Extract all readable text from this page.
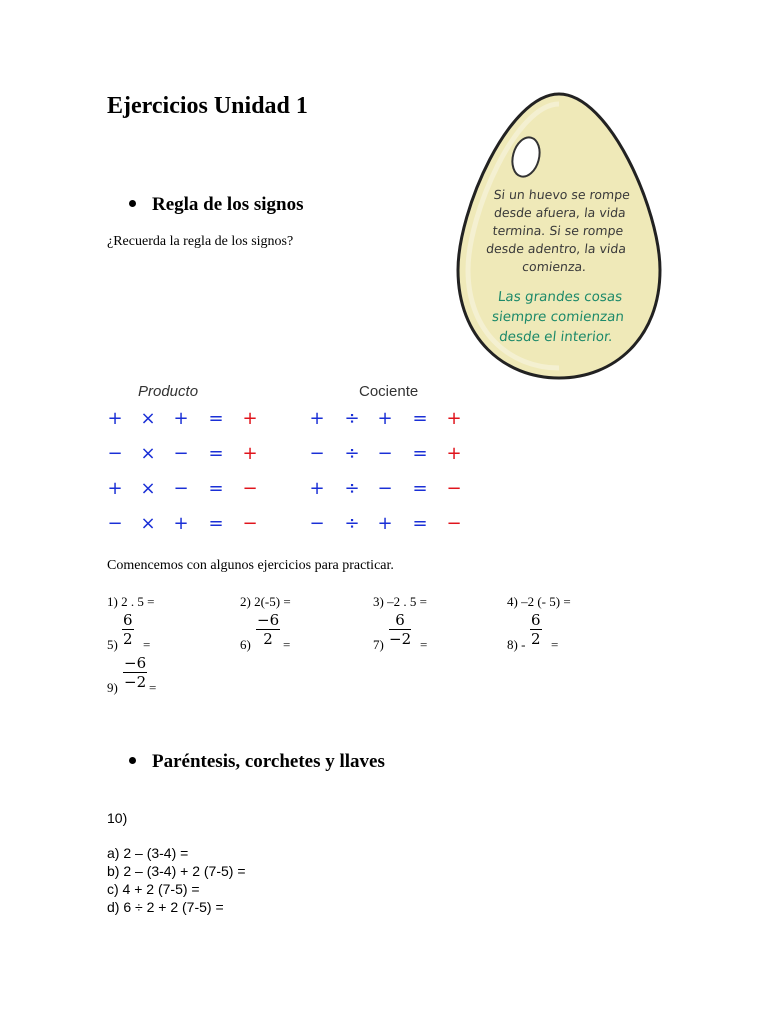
Ejercicios Unidad 1
Regla de los signos
¿Recuerda la regla de los signos?
Si un huevo se rompe
desde afuera, la vida
termina. Si se rompe
desde adentro, la vida
comienza.
Las grandes cosas
siempre comienzan
desde el interior.
Producto	Cociente
+ × + = +
− × − = +
+ × − = −
− × + = −
+ ÷ + = +
− ÷ − = +
+ ÷ − = −
− ÷ + = −
Comencemos con algunos ejercicios para practicar.
1) 2 . 5 =	2) 2(-5) =	3) –2 . 5 =	4) –2 (- 5) =
$5) \frac{6}{2}$ =	$6) \frac{-6}{2}$ =	$7) \frac{6}{-2}$ =	$8) - \frac{6}{2}$ =
$9) \frac{-6}{-2}$ =
Paréntesis, corchetes y llaves
10)
a) 2 – (3-4) =
b) 2 – (3-4) + 2 (7-5) =
c) 4 + 2 (7-5) =
d) 6 ÷ 2 + 2 (7-5) =
